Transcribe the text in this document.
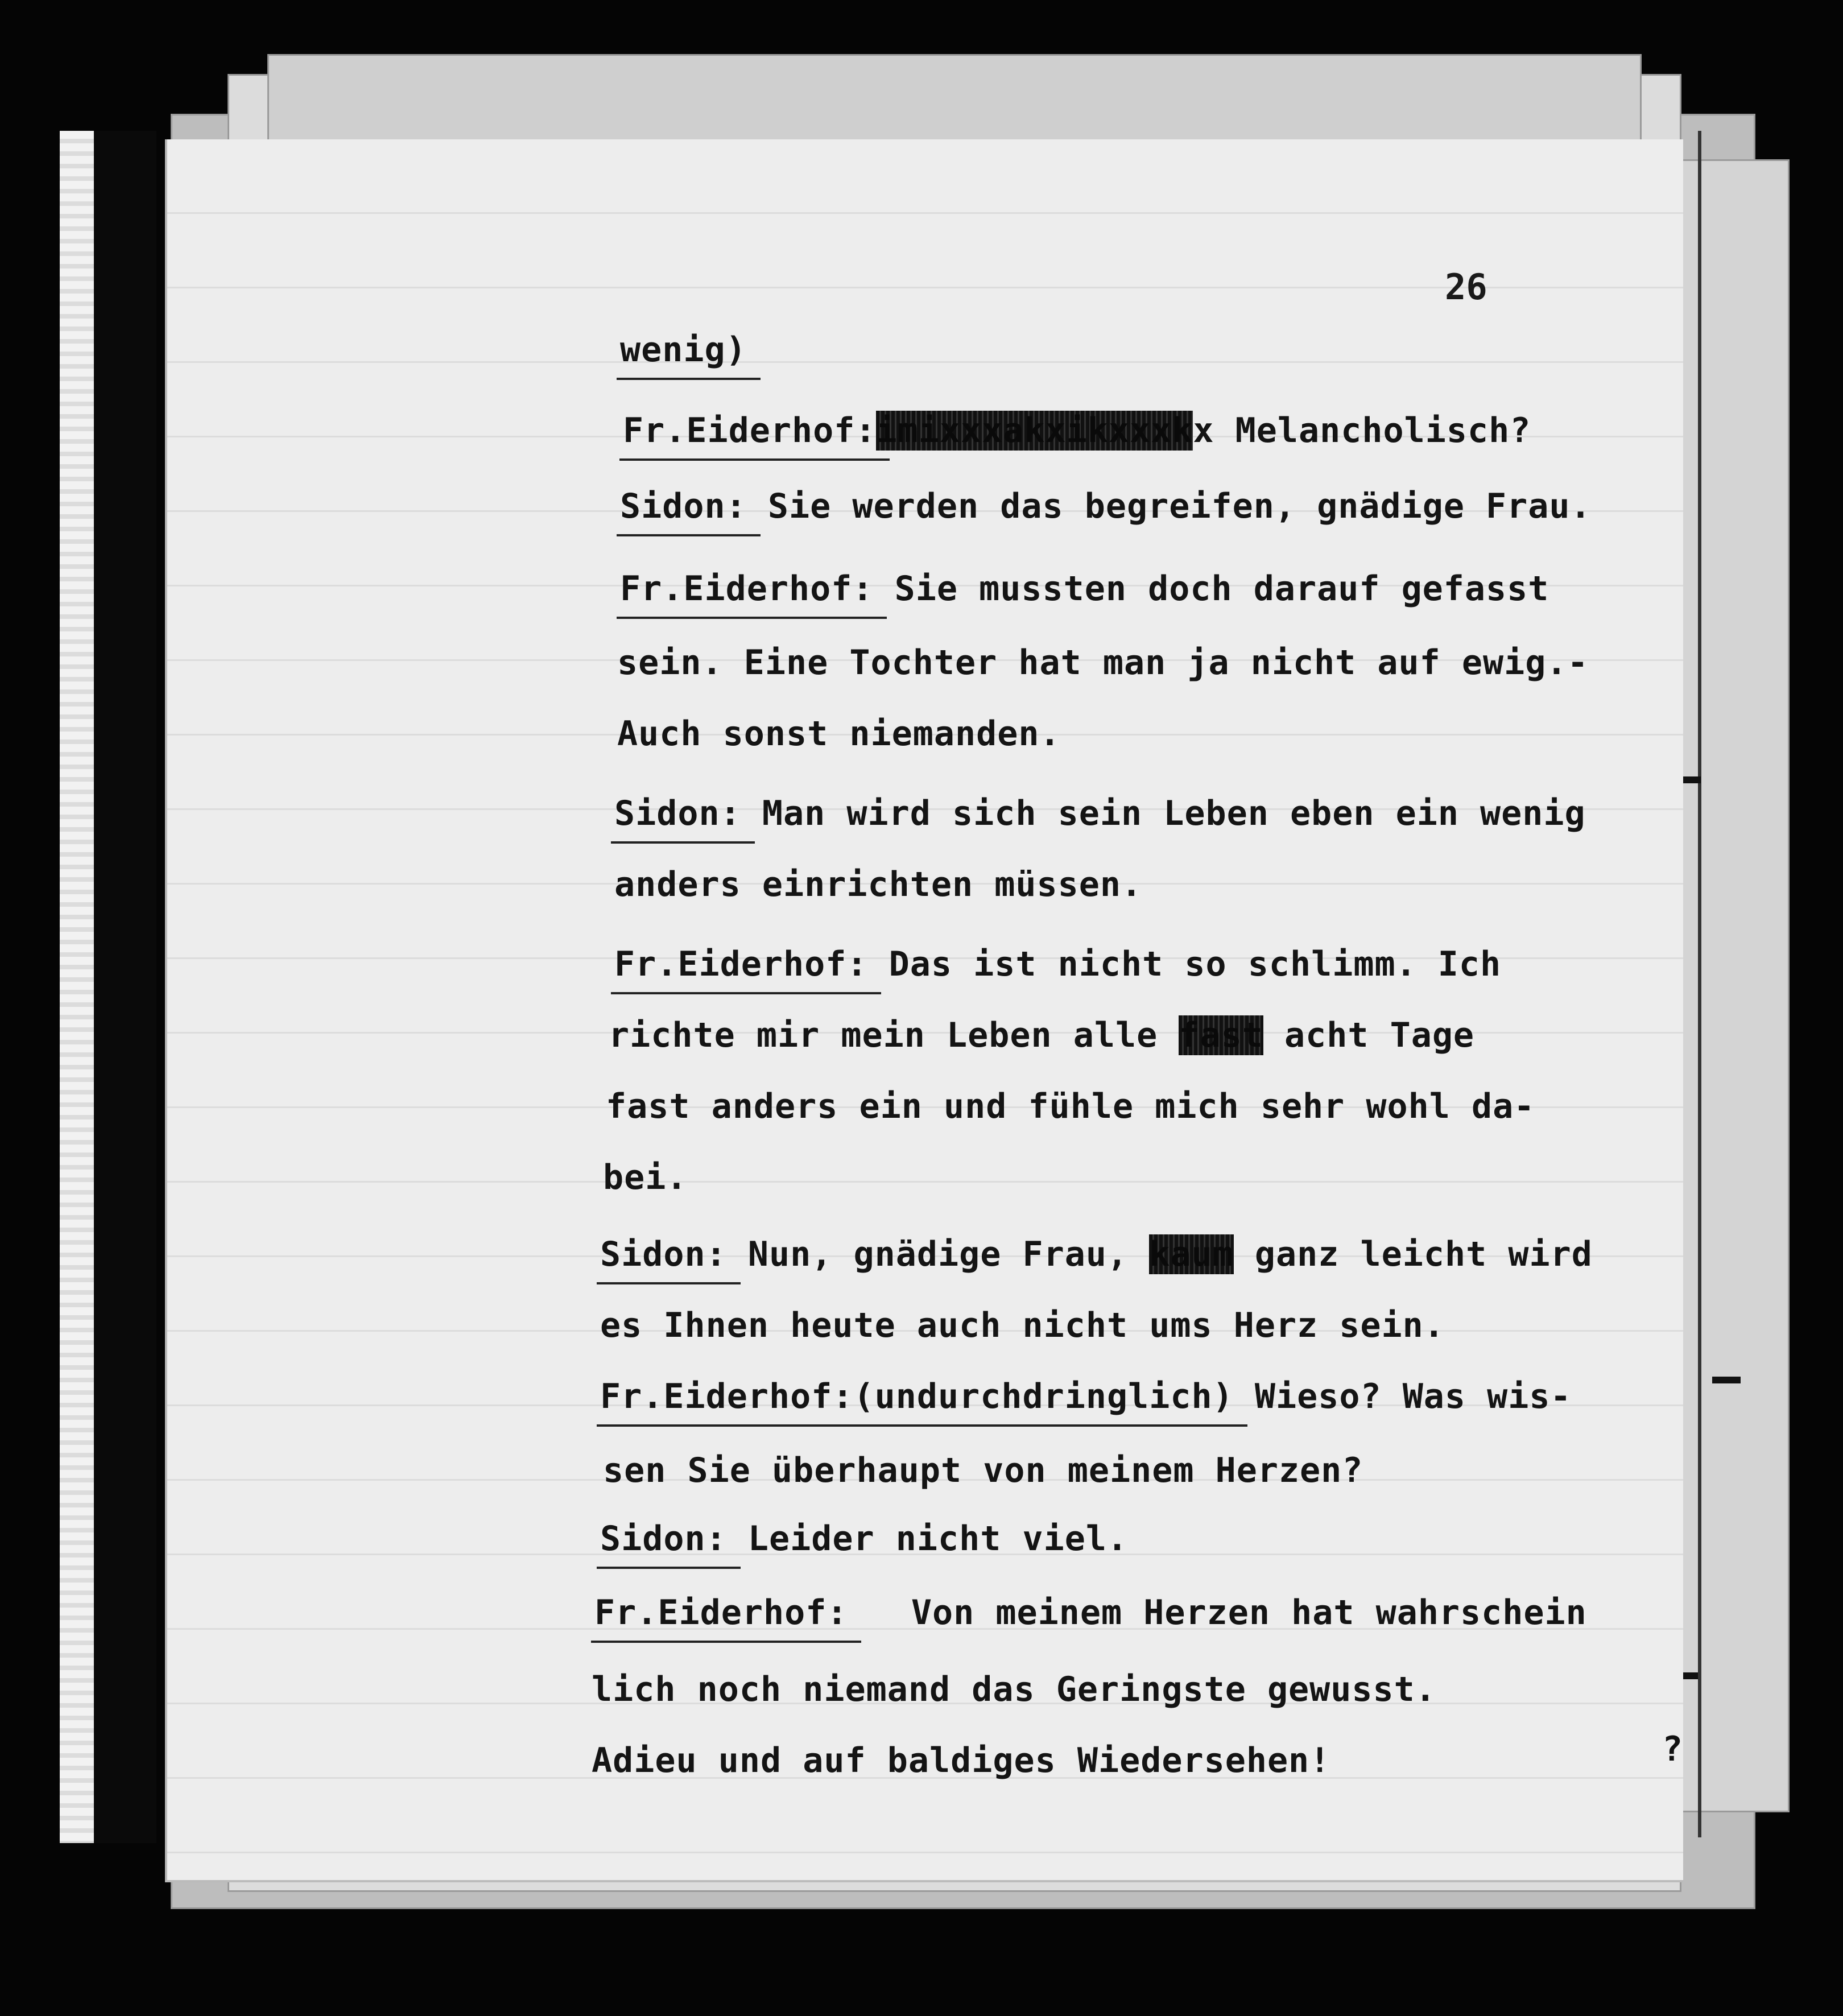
26
wenig)
Fr.Eiderhof:imixxxakxikxxxkx Melancholisch?
Sidon: Sie werden das begreifen, gnädige Frau.
Fr.Eiderhof: Sie mussten doch darauf gefasst
sein. Eine Tochter hat man ja nicht auf ewig.-
Auch sonst niemanden.
Sidon: Man wird sich sein Leben eben ein wenig
anders einrichten müssen.
Fr.Eiderhof: Das ist nicht so schlimm. Ich
richte mir mein Leben alle fast acht Tage
fast anders ein und fühle mich sehr wohl da-
bei.
Sidon: Nun, gnädige Frau, kaum ganz leicht wird
es Ihnen heute auch nicht ums Herz sein.
Fr.Eiderhof:(undurchdringlich) Wieso? Was wis-
sen Sie überhaupt von meinem Herzen?
Sidon: Leider nicht viel.
Fr.Eiderhof: Von meinem Herzen hat wahrschein
lich noch niemand das Geringste gewusst.
Adieu und auf baldiges Wiedersehen!	?
